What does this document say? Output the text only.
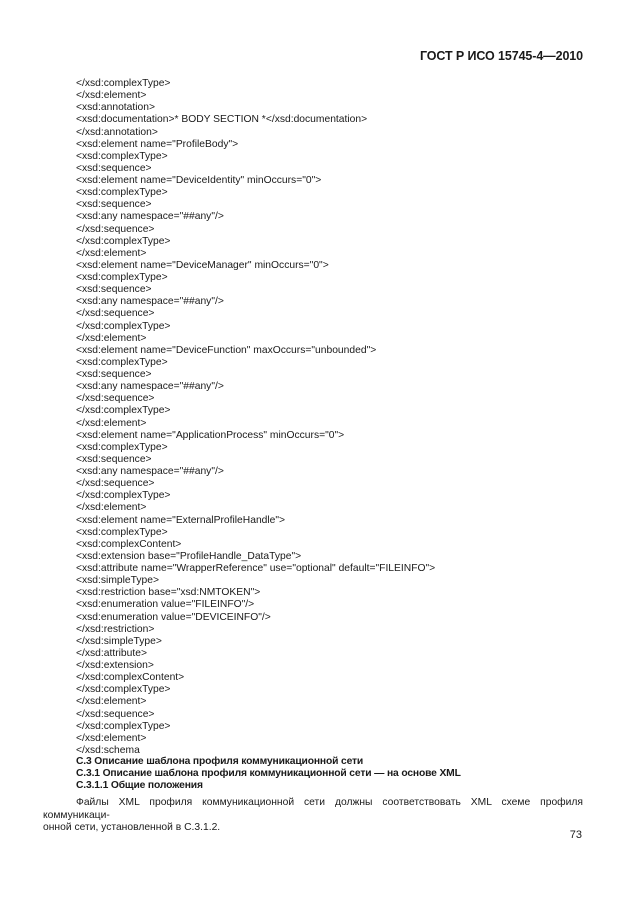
ГОСТ Р ИСО 15745-4—2010
</xsd:complexType>
</xsd:element>
<xsd:annotation>
<xsd:documentation>* BODY SECTION *</xsd:documentation>
</xsd:annotation>
<xsd:element name="ProfileBody">
<xsd:complexType>
<xsd:sequence>
<xsd:element name="DeviceIdentity" minOccurs="0">
<xsd:complexType>
<xsd:sequence>
<xsd:any namespace="##any"/>
</xsd:sequence>
</xsd:complexType>
</xsd:element>
<xsd:element name="DeviceManager" minOccurs="0">
<xsd:complexType>
<xsd:sequence>
<xsd:any namespace="##any"/>
</xsd:sequence>
</xsd:complexType>
</xsd:element>
<xsd:element name="DeviceFunction" maxOccurs="unbounded">
<xsd:complexType>
<xsd:sequence>
<xsd:any namespace="##any"/>
</xsd:sequence>
</xsd:complexType>
</xsd:element>
<xsd:element name="ApplicationProcess" minOccurs="0">
<xsd:complexType>
<xsd:sequence>
<xsd:any namespace="##any"/>
</xsd:sequence>
</xsd:complexType>
</xsd:element>
<xsd:element name="ExternalProfileHandle">
<xsd:complexType>
<xsd:complexContent>
<xsd:extension base="ProfileHandle_DataType">
<xsd:attribute name="WrapperReference" use="optional" default="FILEINFO">
<xsd:simpleType>
<xsd:restriction base="xsd:NMTOKEN">
<xsd:enumeration value="FILEINFO"/>
<xsd:enumeration value="DEVICEINFO"/>
</xsd:restriction>
</xsd:simpleType>
</xsd:attribute>
</xsd:extension>
</xsd:complexContent>
</xsd:complexType>
</xsd:element>
</xsd:sequence>
</xsd:complexType>
</xsd:element>
</xsd:schema
С.3 Описание шаблона профиля коммуникационной сети
С.3.1 Описание шаблона профиля коммуникационной сети — на основе XML
С.3.1.1 Общие положения
Файлы XML профиля коммуникационной сети должны соответствовать XML схеме профиля коммуникаци-
онной сети, установленной в С.3.1.2.
73
